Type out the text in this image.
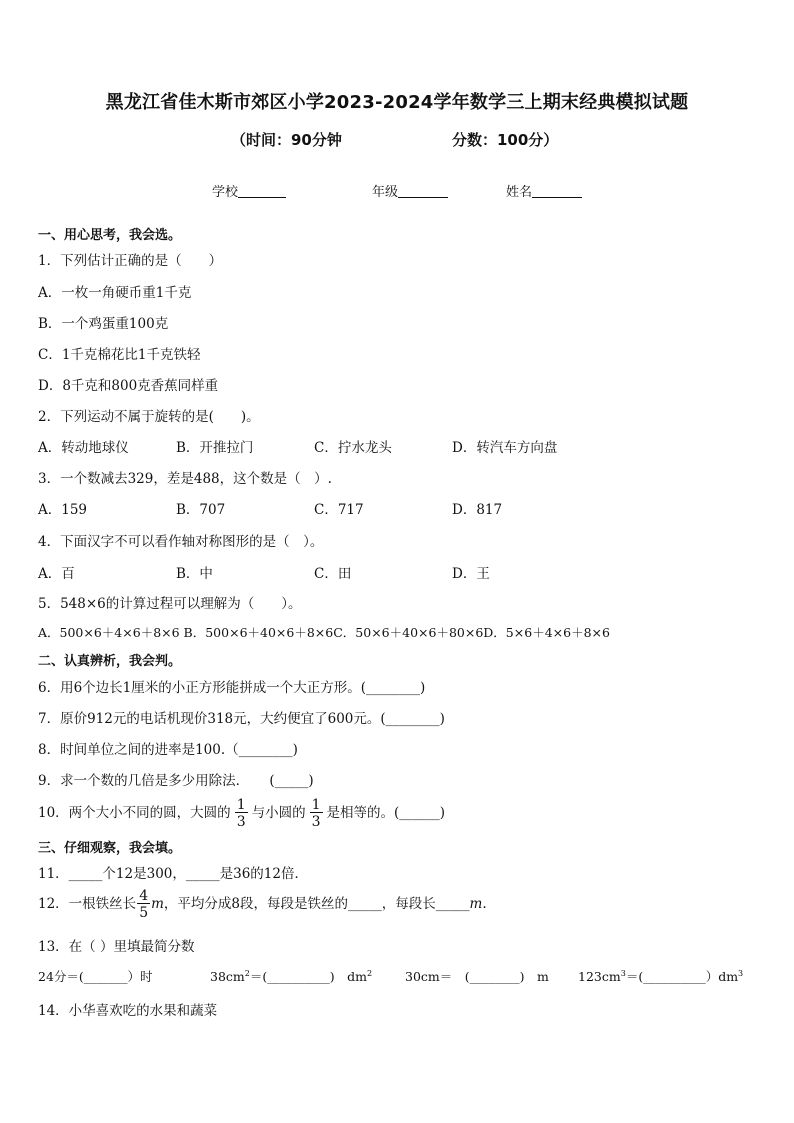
黑龙江省佳木斯市郊区小学2023-2024学年数学三上期末经典模拟试题
（时间：90分钟	分数：100分）
学校	年级	姓名
一、用心思考，我会选。
1．下列估计正确的是（　　）
A．一枚一角硬币重1千克
B．一个鸡蛋重100克
C．1千克棉花比1千克铁轻
D．8千克和800克香蕉同样重
2．下列运动不属于旋转的是(　　)。
A．转动地球仪	B．开推拉门	C．拧水龙头	D．转汽车方向盘
3．一个数减去329，差是488，这个数是（　）.
A．159	B．707	C．717	D．817
4．下面汉字不可以看作轴对称图形的是（　）。
A．百	B．中	C．田	D．王
5．548×6的计算过程可以理解为（　　）。
A．500×6＋4×6＋8×6 B．500×6＋40×6＋8×6C．50×6＋40×6＋80×6D．5×6＋4×6＋8×6
二、认真辨析，我会判。
6．用6个边长1厘米的小正方形能拼成一个大正方形。(________)
7．原价912元的电话机现价318元，大约便宜了600元。(________)
8．时间单位之间的进率是100.（________)
9．求一个数的几倍是多少用除法．　　(_____)
10．两个大小不同的圆，大圆的 $\frac{1}{3}$ 与小圆的 $\frac{1}{3}$ 是相等的。(______)
三、仔细观察，我会填。
11．_____个12是300，_____是36的12倍．
12．一根铁丝长 $\frac{4}{5}$ m，平均分成8段，每段是铁丝的_____，每段长_____m.
13．在（ ）里填最简分数
24分＝(_______）时	$38cm^2=(\_\_\_\_\_\_\_\_\_\_)$　$dm^2$	30cm＝　(________)　m $123cm^3=(\_\_\_\_\_\_\_\_\_\_)dm^3$
14．小华喜欢吃的水果和蔬菜
